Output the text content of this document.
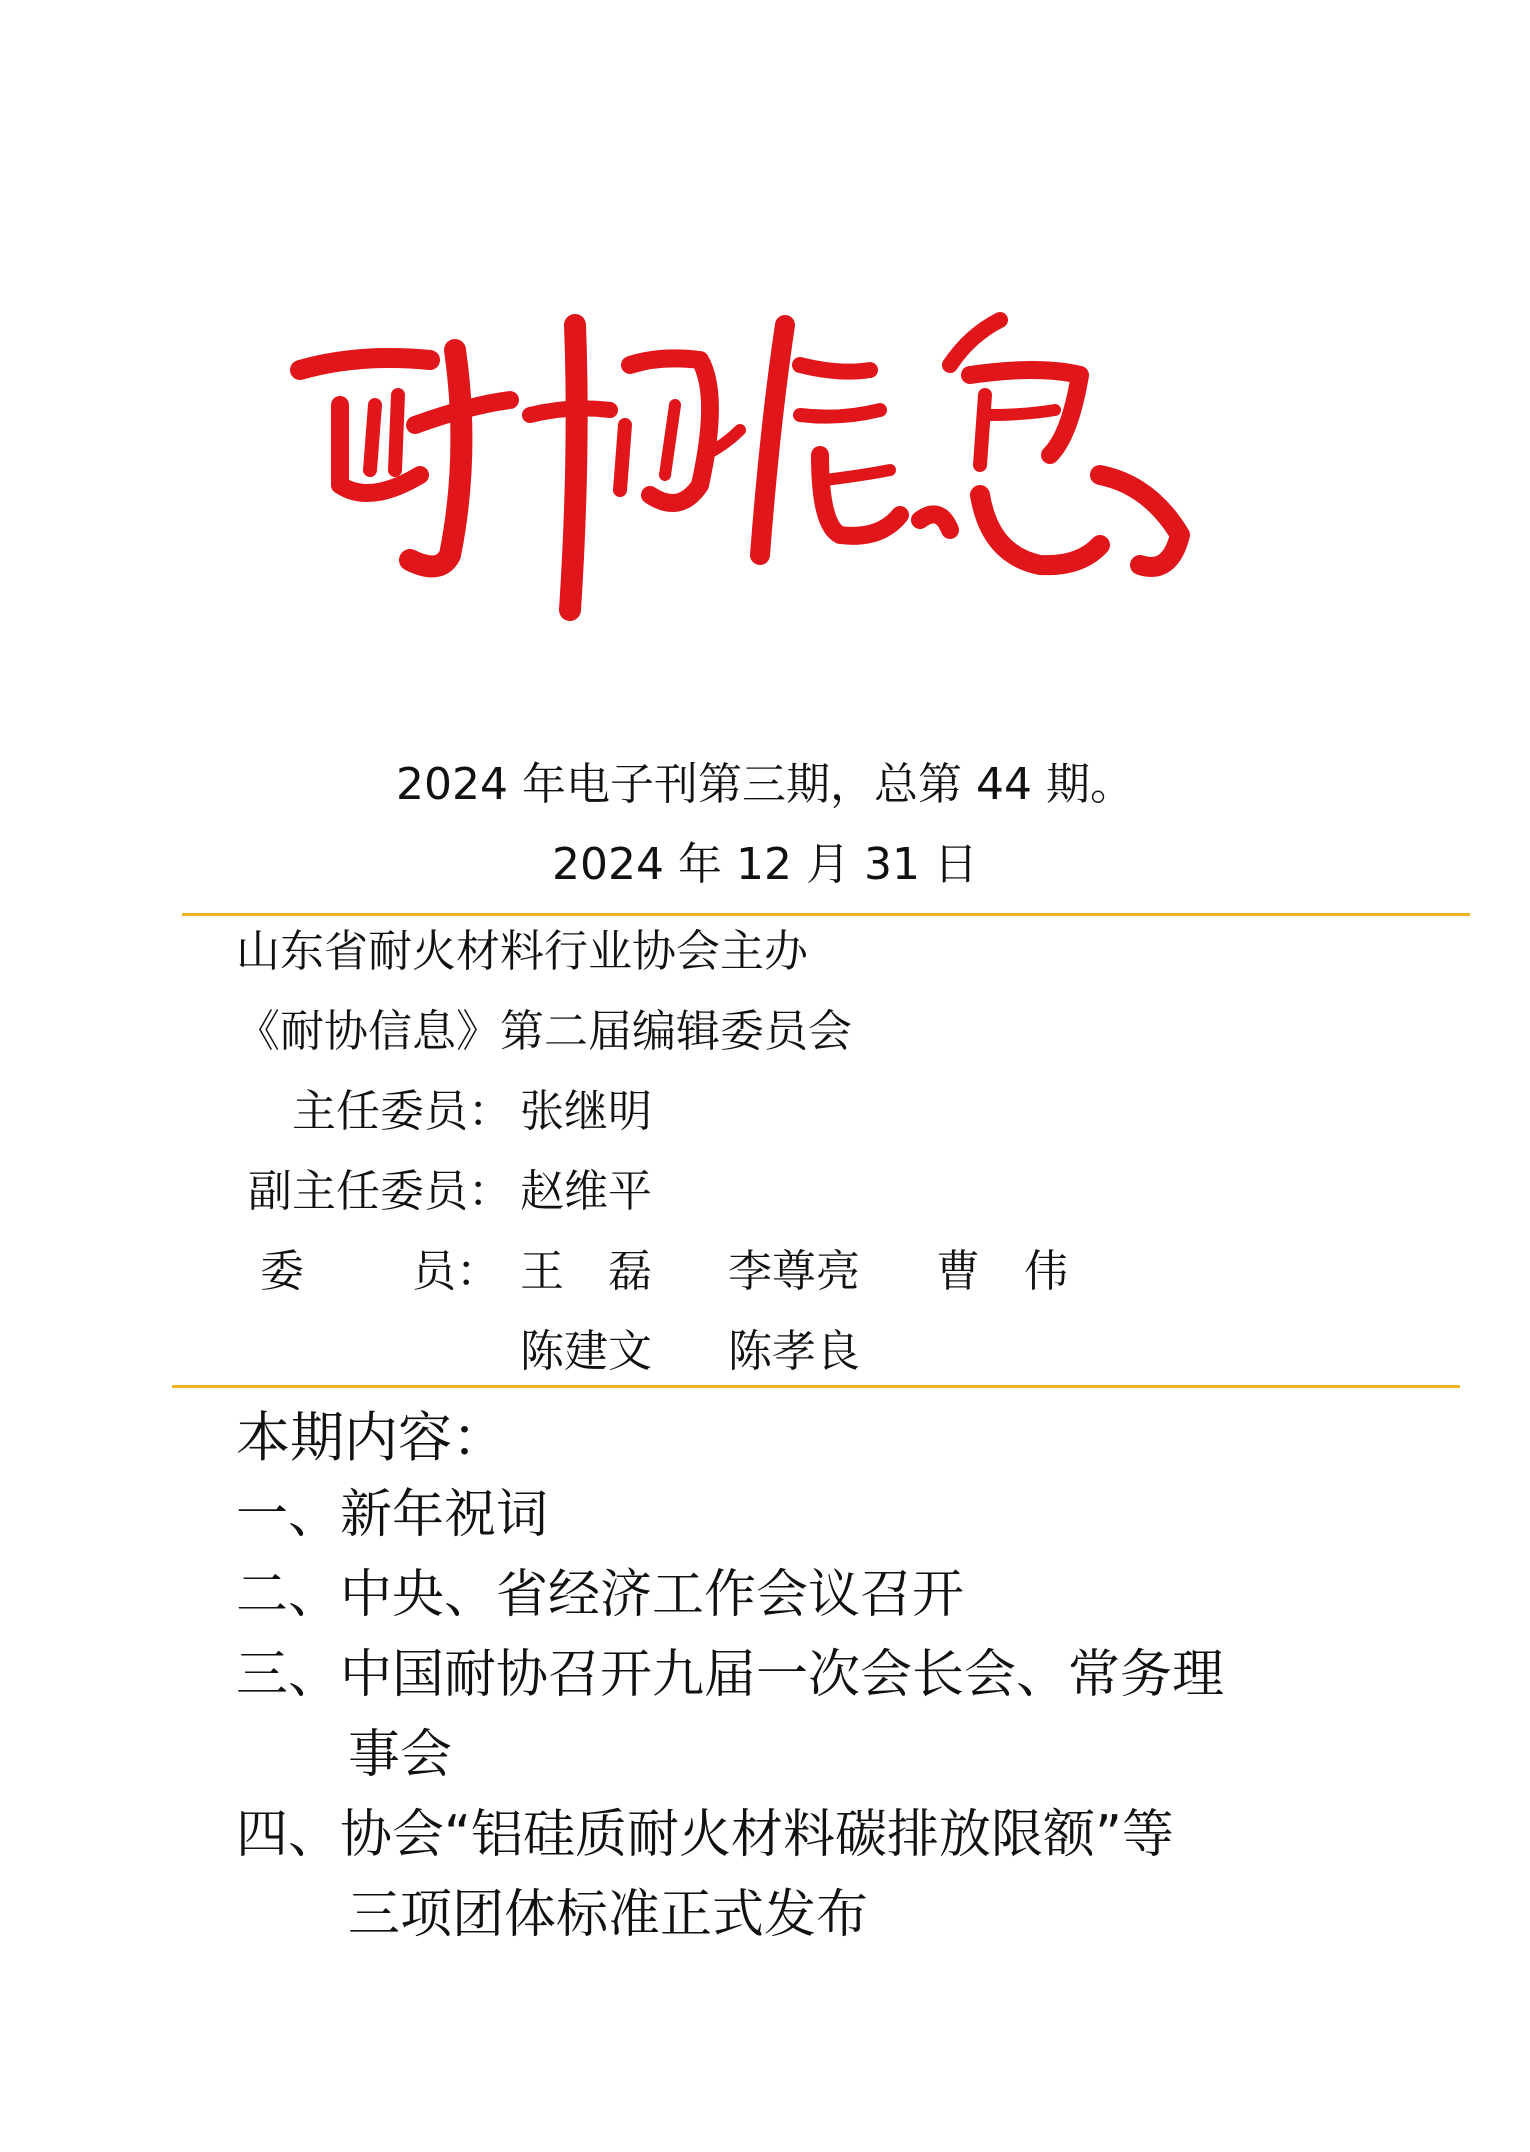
2024 年电子刊第三期，总第 44 期。
2024 年 12 月 31 日
山东省耐火材料行业协会主办
《耐协信息》第二届编辑委员会
主任委员： 张继明
副主任委员： 赵维平
委 员： 王　磊 李尊亮 曹　伟
陈建文 陈孝良
本期内容：
一、新年祝词
二、中央、省经济工作会议召开
三、中国耐协召开九届一次会长会、常务理
事会
四、协会“铝硅质耐火材料碳排放限额”等
三项团体标准正式发布
